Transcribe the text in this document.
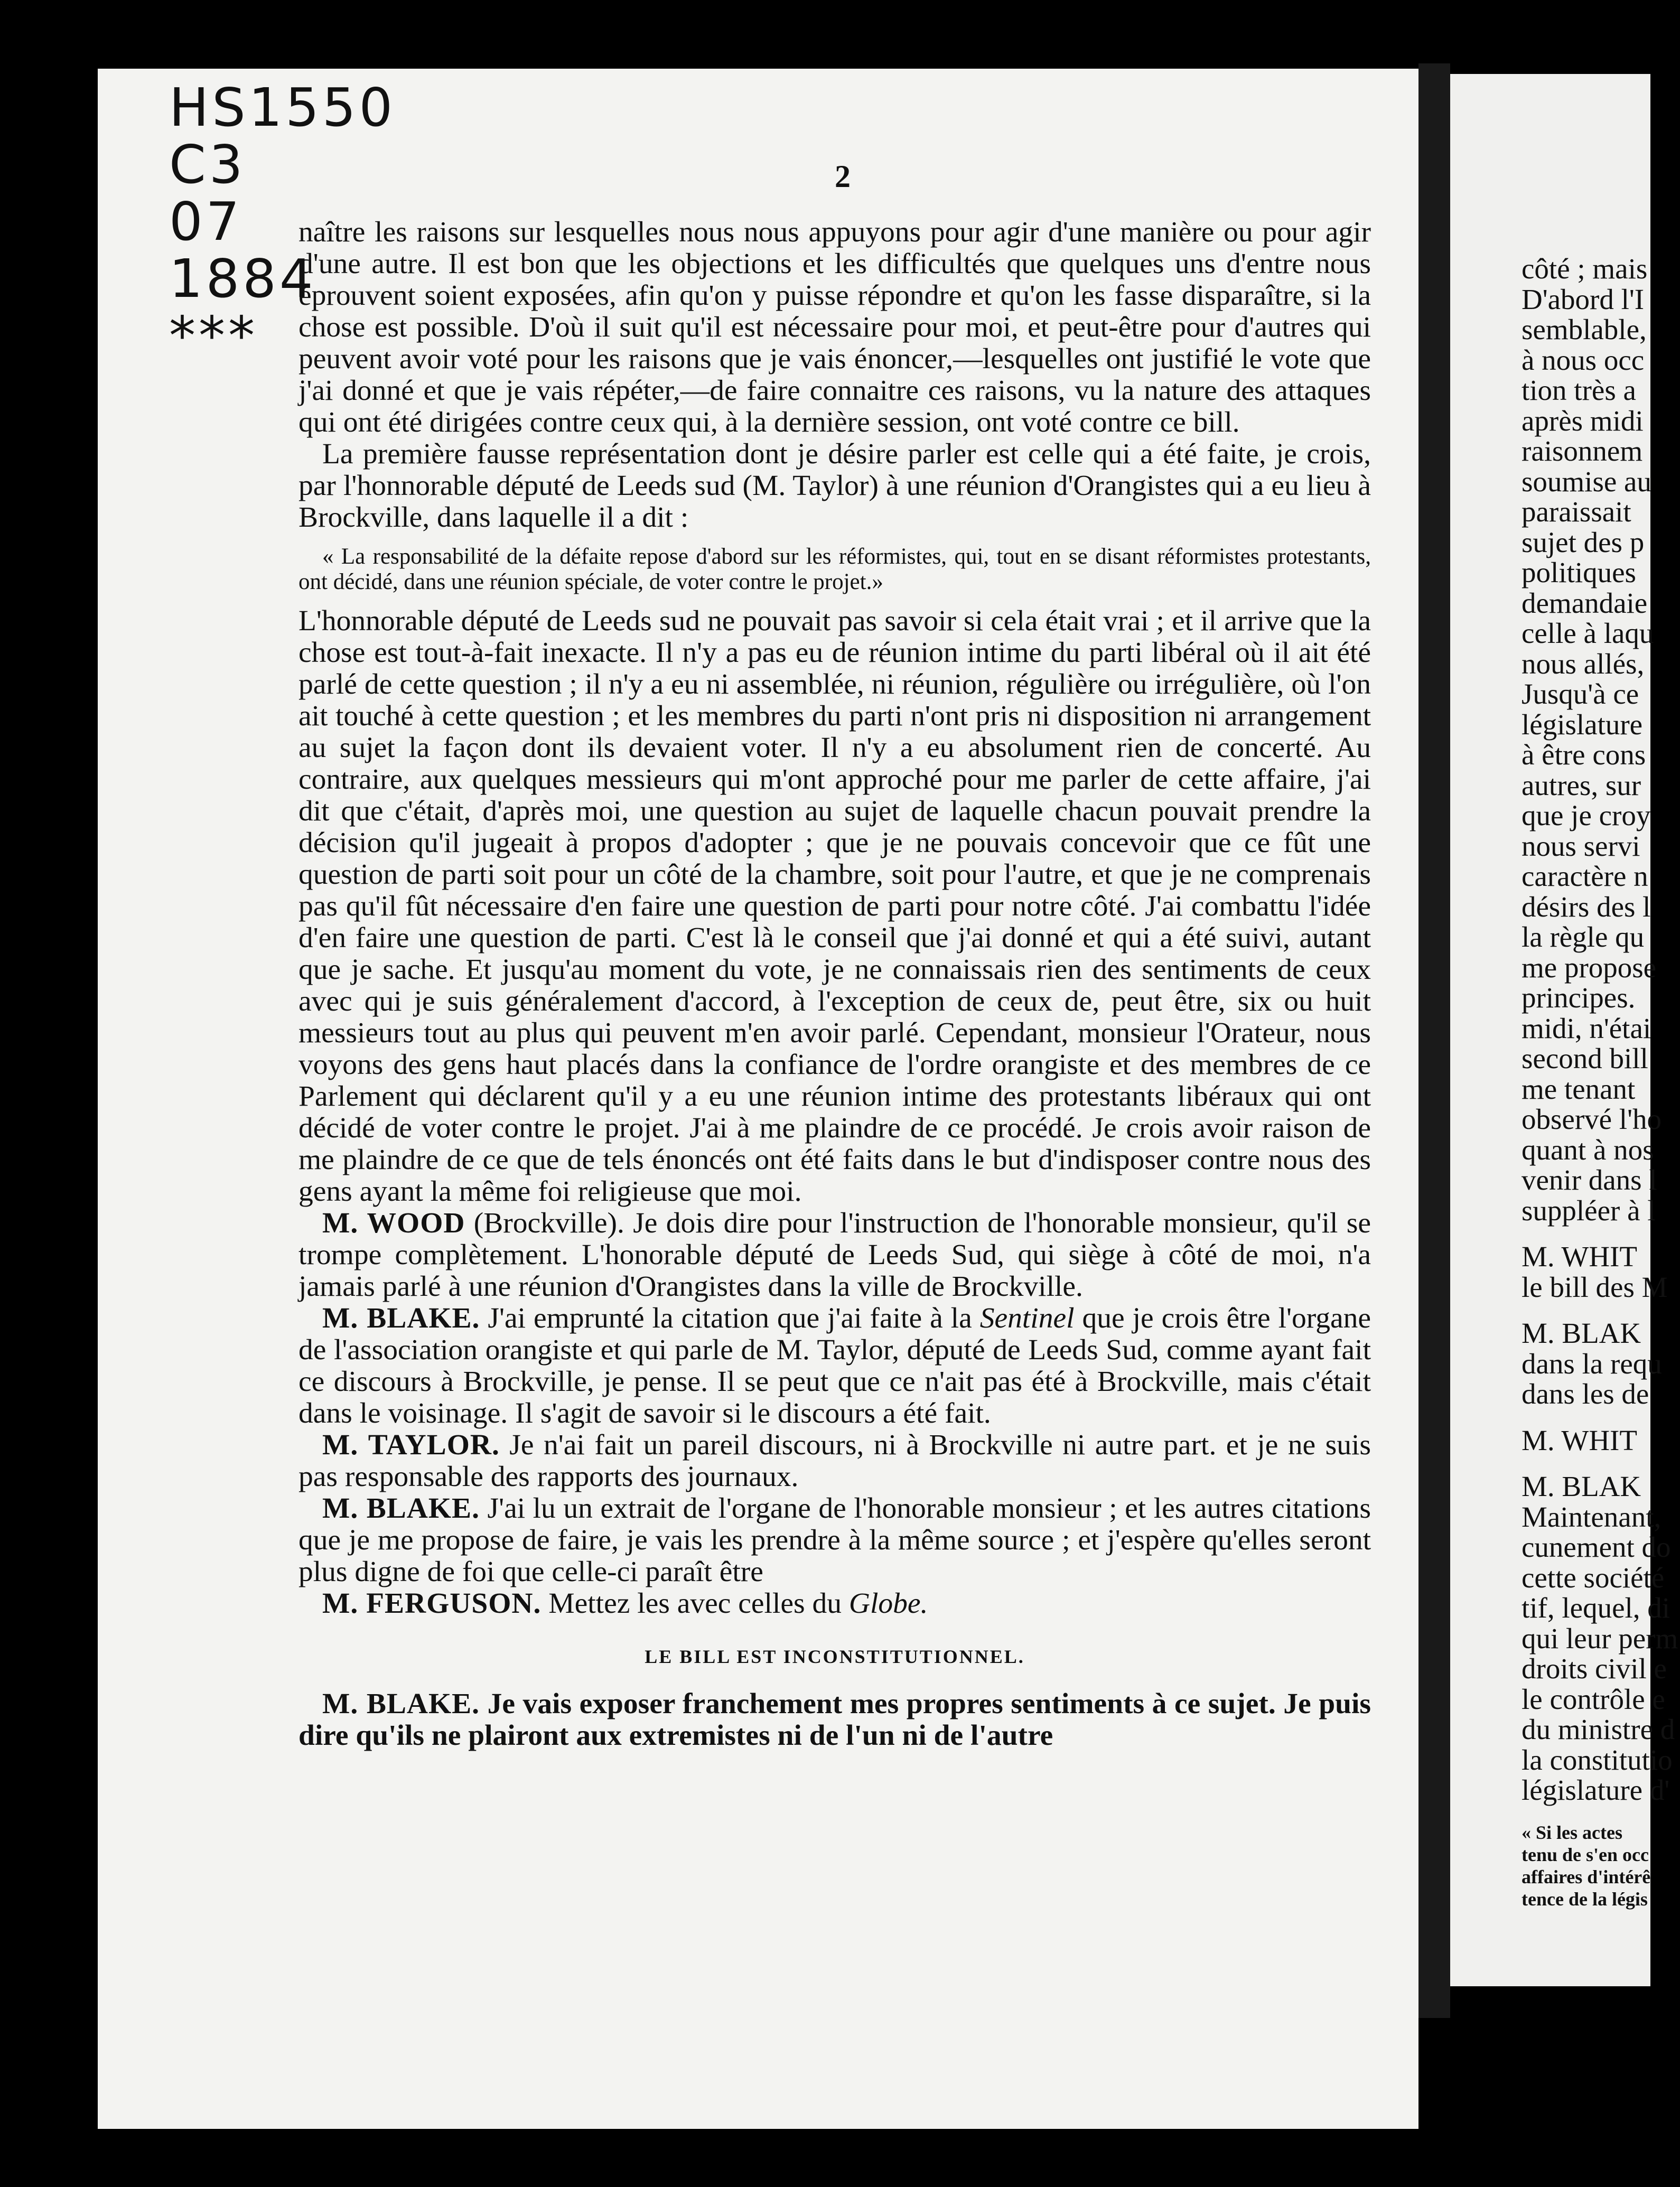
HS1550
C3
07
1884
***
2

naître les raisons sur lesquelles nous nous appuyons pour agir d'une manière ou pour agir d'une autre. Il est bon que les objections et les difficultés que quelques uns d'entre nous éprouvent soient exposées, afin qu'on y puisse répondre et qu'on les fasse disparaître, si la chose est possible. D'où il suit qu'il est nécessaire pour moi, et peut-être pour d'autres qui peuvent avoir voté pour les raisons que je vais énoncer,—lesquelles ont justifié le vote que j'ai donné et que je vais répéter,—de faire connaitre ces raisons, vu la nature des attaques qui ont été dirigées contre ceux qui, à la dernière session, ont voté contre ce bill.

La première fausse représentation dont je désire parler est celle qui a été faite, je crois, par l'honnorable député de Leeds sud (M. Taylor) à une réunion d'Orangistes qui a eu lieu à Brockville, dans laquelle il a dit :

« La responsabilité de la défaite repose d'abord sur les réformistes, qui, tout en se disant réformistes protestants, ont décidé, dans une réunion spéciale, de voter contre le projet.»

L'honnorable député de Leeds sud ne pouvait pas savoir si cela était vrai ; et il arrive que la chose est tout-à-fait inexacte. Il n'y a pas eu de réunion intime du parti libéral où il ait été parlé de cette question ; il n'y a eu ni assemblée, ni réunion, régulière ou irrégulière, où l'on ait touché à cette question ; et les membres du parti n'ont pris ni disposition ni arrangement au sujet la façon dont ils devaient voter. Il n'y a eu absolument rien de concerté. Au contraire, aux quelques messieurs qui m'ont approché pour me parler de cette affaire, j'ai dit que c'était, d'après moi, une question au sujet de laquelle chacun pouvait prendre la décision qu'il jugeait à propos d'adopter ; que je ne pouvais concevoir que ce fût une question de parti soit pour un côté de la chambre, soit pour l'autre, et que je ne comprenais pas qu'il fût nécessaire d'en faire une question de parti pour notre côté. J'ai combattu l'idée d'en faire une question de parti. C'est là le conseil que j'ai donné et qui a été suivi, autant que je sache. Et jusqu'au moment du vote, je ne connaissais rien des sentiments de ceux avec qui je suis généralement d'accord, à l'exception de ceux de, peut être, six ou huit messieurs tout au plus qui peuvent m'en avoir parlé. Cependant, monsieur l'Orateur, nous voyons des gens haut placés dans la confiance de l'ordre orangiste et des membres de ce Parlement qui déclarent qu'il y a eu une réunion intime des protestants libéraux qui ont décidé de voter contre le projet. J'ai à me plaindre de ce procédé. Je crois avoir raison de me plaindre de ce que de tels énoncés ont été faits dans le but d'indisposer contre nous des gens ayant la même foi religieuse que moi.

M. WOOD (Brockville). Je dois dire pour l'instruction de l'honorable monsieur, qu'il se trompe complètement. L'honorable député de Leeds Sud, qui siège à côté de moi, n'a jamais parlé à une réunion d'Orangistes dans la ville de Brockville.

M. BLAKE. J'ai emprunté la citation que j'ai faite à la Sentinel que je crois être l'organe de l'association orangiste et qui parle de M. Taylor, député de Leeds Sud, comme ayant fait ce discours à Brockville, je pense. Il se peut que ce n'ait pas été à Brockville, mais c'était dans le voisinage. Il s'agit de savoir si le discours a été fait.

M. TAYLOR. Je n'ai fait un pareil discours, ni à Brockville ni autre part. et je ne suis pas responsable des rapports des journaux.

M. BLAKE. J'ai lu un extrait de l'organe de l'honorable monsieur ; et les autres citations que je me propose de faire, je vais les prendre à la même source ; et j'espère qu'elles seront plus digne de foi que celle-ci paraît être

M. FERGUSON. Mettez les avec celles du Globe.

LE BILL EST INCONSTITUTIONNEL.

M. BLAKE. Je vais exposer franchement mes propres sentiments à ce sujet. Je puis dire qu'ils ne plairont aux extremistes ni de l'un ni de l'autre

côté ; mais
D'abord l'I
semblable,
à nous occ
tion très a
après midi
raisonnem
soumise au
paraissait
sujet des p
politiques
demandaie
celle à laqu
nous allés,
Jusqu'à ce
législature
à être cons
autres, sur
que je croy
nous servi
caractère n
désirs des l
la règle qu
me propose
principes.
midi, n'étai
second bill
me tenant
observé l'ho
quant à nos
venir dans l
suppléer à l
M. WHIT
le bill des M
M. BLAK
dans la requ
dans les de
M. WHIT
M. BLAK
Maintenant,
cunement do
cette société
tif, lequel, di
qui leur perm
droits civil e
le contrôle e
du ministre d
la constitutio
législature d'
« Si les actes
tenu de s'en occ
affaires d'intérê
tence de la légis
